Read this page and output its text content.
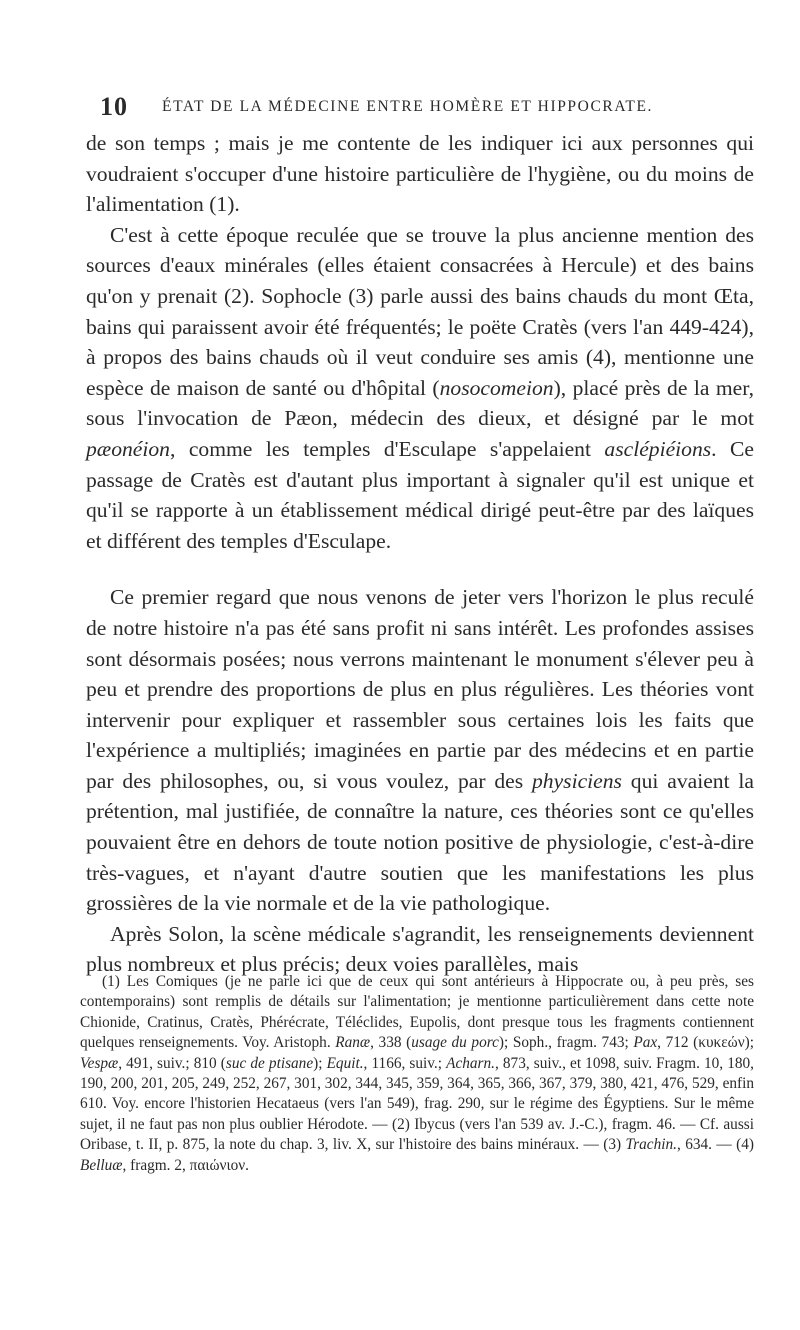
10 ÉTAT DE LA MÉDECINE ENTRE HOMÈRE ET HIPPOCRATE.

de son temps ; mais je me contente de les indiquer ici aux personnes qui voudraient s'occuper d'une histoire particulière de l'hygiène, ou du moins de l'alimentation (1).

C'est à cette époque reculée que se trouve la plus ancienne mention des sources d'eaux minérales (elles étaient consacrées à Hercule) et des bains qu'on y prenait (2). Sophocle (3) parle aussi des bains chauds du mont Œta, bains qui paraissent avoir été fréquentés; le poëte Cratès (vers l'an 449-424), à propos des bains chauds où il veut conduire ses amis (4), mentionne une espèce de maison de santé ou d'hôpital (nosocomeion), placé près de la mer, sous l'invocation de Pæon, médecin des dieux, et désigné par le mot pæonéion, comme les temples d'Esculape s'appelaient asclépiéions. Ce passage de Cratès est d'autant plus important à signaler qu'il est unique et qu'il se rapporte à un établissement médical dirigé peut-être par des laïques et différent des temples d'Esculape.

Ce premier regard que nous venons de jeter vers l'horizon le plus reculé de notre histoire n'a pas été sans profit ni sans intérêt. Les profondes assises sont désormais posées; nous verrons maintenant le monument s'élever peu à peu et prendre des proportions de plus en plus régulières. Les théories vont intervenir pour expliquer et rassembler sous certaines lois les faits que l'expérience a multipliés; imaginées en partie par des médecins et en partie par des philosophes, ou, si vous voulez, par des physiciens qui avaient la prétention, mal justifiée, de connaître la nature, ces théories sont ce qu'elles pouvaient être en dehors de toute notion positive de physiologie, c'est-à-dire très-vagues, et n'ayant d'autre soutien que les manifestations les plus grossières de la vie normale et de la vie pathologique.

Après Solon, la scène médicale s'agrandit, les renseignements deviennent plus nombreux et plus précis; deux voies parallèles, mais

(1) Les Comiques (je ne parle ici que de ceux qui sont antérieurs à Hippocrate ou, à peu près, ses contemporains) sont remplis de détails sur l'alimentation; je mentionne particulièrement dans cette note Chionide, Cratinus, Cratès, Phérécrate, Téléclides, Eupolis, dont presque tous les fragments contiennent quelques renseignements. Voy. Aristoph. Ranæ, 338 (usage du porc); Soph., fragm. 743; Pax, 712 (κυκεών); Vespæ, 491, suiv.; 810 (suc de ptisane); Equit., 1166, suiv.; Acharn., 873, suiv., et 1098, suiv. Fragm. 10, 180, 190, 200, 201, 205, 249, 252, 267, 301, 302, 344, 345, 359, 364, 365, 366, 367, 379, 380, 421, 476, 529, enfin 610. Voy. encore l'historien Hecataeus (vers l'an 549), frag. 290, sur le régime des Égyptiens. Sur le même sujet, il ne faut pas non plus oublier Hérodote. — (2) Ibycus (vers l'an 539 av. J.-C.), fragm. 46. — Cf. aussi Oribase, t. II, p. 875, la note du chap. 3, liv. X, sur l'histoire des bains minéraux. — (3) Trachin., 634. — (4) Belluæ, fragm. 2, παιώνιον.
